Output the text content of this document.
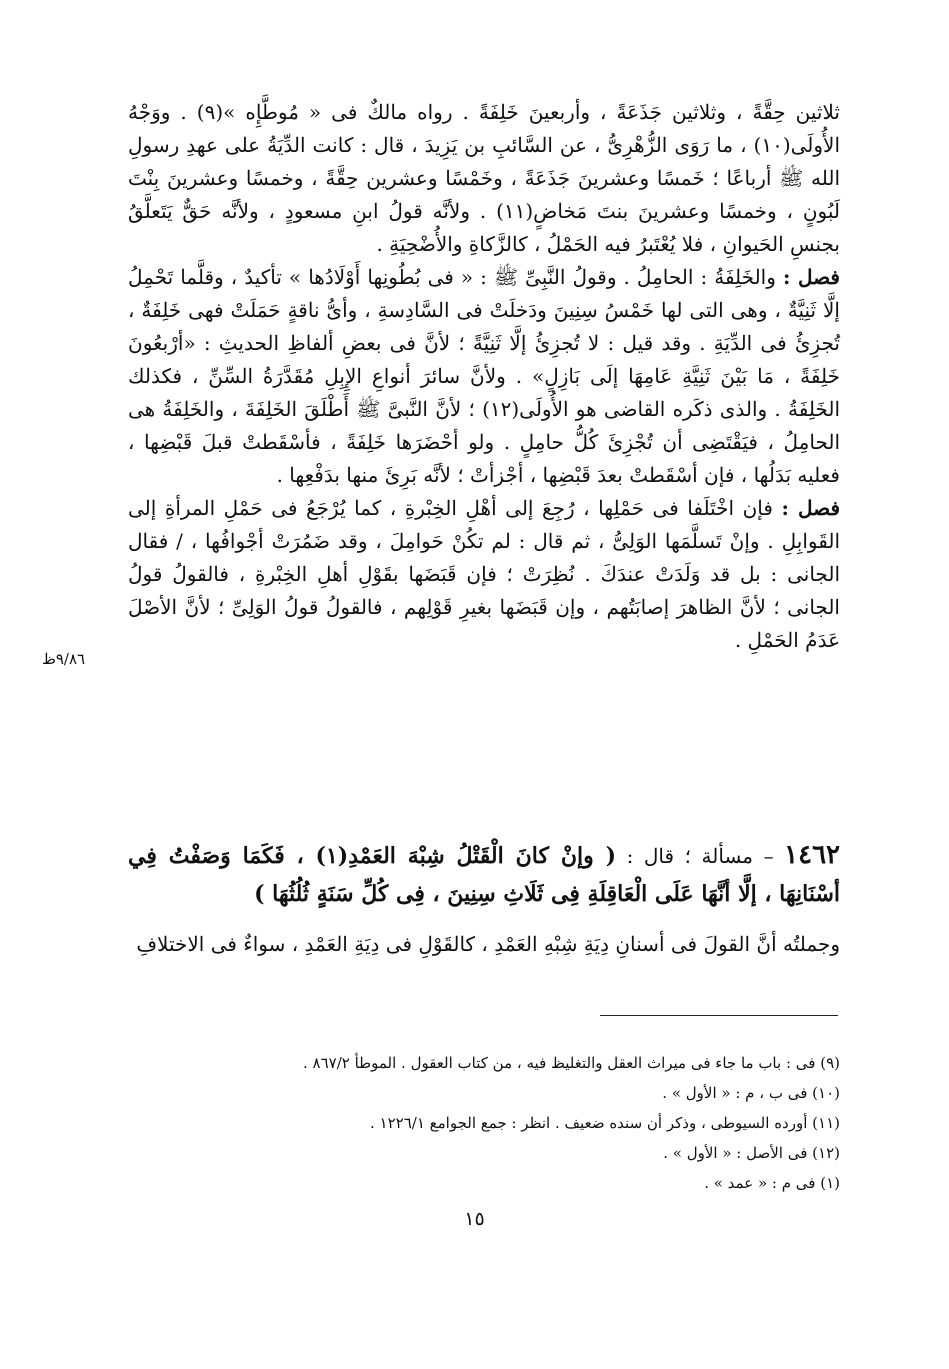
ثلاثين حِقَّةً ، وثلاثين جَذَعَةً ، وأربعينَ خَلِفَةً . رواه مالكٌ فى « مُوطَّإِه »(٩) . ووَجْهُ الأُولَى(١٠) ، ما رَوَى الزُّهْرِىُّ ، عن السَّائبِ بن يَزِيدَ ، قال : كانت الدِّيَةُ على عهدِ رسولِ الله ﷺ أرباعًا ؛ خَمسًا وعشرينَ جَذَعَةً ، وخَمْسًا وعشرين حِقَّةً ، وخمسًا وعشرينَ بِنْتَ لَبُونٍ ، وخمسًا وعشرينَ بنتَ مَخاضٍ(١١) . ولأنَّه قولُ ابنِ مسعودٍ ، ولأنَّه حَقٌّ يَتَعلَّقُ بجنسِ الحَيوانِ ، فلا يُعْتَبرُ فيه الحَمْلُ ، كالزَّكاةِ والأُضْحِيَةِ .

فصل : والخَلِفَةُ : الحامِلُ . وقولُ النَّبِىِّ ﷺ : « فى بُطُونِها أَوْلَادُها » تأكيدٌ ، وقلَّما تَحْمِلُ إلَّا ثَنِيَّةٌ ، وهى التى لها خَمْسُ سِنِينَ ودَخلَتْ فى السَّادِسةِ ، وأىُّ ناقةٍ حَمَلَتْ فهى خَلِفَةٌ ، تُجزِئُ فى الدِّيَةِ . وقد قيل : لا تُجزِئُ إلَّا ثَنِيَّةً ؛ لأنَّ فى بعضِ ألفاظِ الحديثِ : «أرْبعُونَ خَلِفَةً ، مَا بَيْنَ ثَنِيَّةِ عَامِهَا إلَى بَازِلٍ» . ولأنَّ سائرَ أنواعِ الإِبِلِ مُقَدَّرَةُ السِّنِّ ، فكذلك الخَلِفَةُ . والذى ذكَره القاضى هو الأُولَى(١٢) ؛ لأنَّ النَّبىَّ ﷺ أَطْلَقَ الخَلِفَةَ ، والخَلِفَةُ هى الحامِلُ ، فيَقْتَضِى أن تُجْزِئَ كُلُّ حامِلٍ . ولو أحْضَرَها خَلِفَةً ، فأسْقَطتْ قبلَ قَبْضِها ، فعليه بَدَلُها ، فإن أسْقَطتْ بعدَ قَبْضِها ، أجْزأتْ ؛ لأنَّه بَرِئَ منها بدَفْعِها .

فصل : فإن اخْتَلَفا فى حَمْلِها ، رُجِعَ إلى أهْلِ الخِبْرةِ ، كما يُرْجَعُ فى حَمْلِ المرأةِ إلى القَوابِلِ . وإنْ تَسلَّمَها الوَلِىُّ ، ثم قال : لم تكُنْ حَوامِلَ ، وقد ضَمُرَتْ أجْوافُها ، / فقال الجانى : بل قد وَلَدَتْ عندَكَ . نُظِرَتْ ؛ فإن قَبَضَها بقَوْلِ أهلِ الخِبْرةِ ، فالقولُ قولُ الجانى ؛ لأنَّ الظاهرَ إصابَتُهم ، وإن قَبَضَها بغيرِ قَوْلِهم ، فالقولُ قولُ الوَلِىِّ ؛ لأنَّ الأصْلَ عَدَمُ الحَمْلِ .

٩/٨٦ظ
١٤٦٢ – مسألة ؛ قال : ( وإنْ كانَ الْقَتْلُ شِبْهَ العَمْدِ(١) ، فَكَمَا وَصَفْتُ فِي أسْنَانِهَا ، إلَّا أنَّهَا عَلَى الْعَاقِلَةِ فِى ثَلَاثِ سِنِينَ ، فِى كُلِّ سَنَةٍ ثُلُثُهَا )
وجملتُه أنَّ القولَ فى أسنانِ دِيَةِ شِبْهِ العَمْدِ ، كالقَوْلِ فى دِيَةِ العَمْدِ ، سواءٌ فى الاختلافِ
(٩) فى : باب ما جاء فى ميراث العقل والتغليظ فيه ، من كتاب العقول . الموطأ ٨٦٧/٢ .
(١٠) فى ب ، م : « الأول » .
(١١) أورده السيوطى ، وذكر أن سنده ضعيف . انظر : جمع الجوامع ١٢٢٦/١ .
(١٢) فى الأصل : « الأول » .
(١) فى م : « عمد » .
١٥
